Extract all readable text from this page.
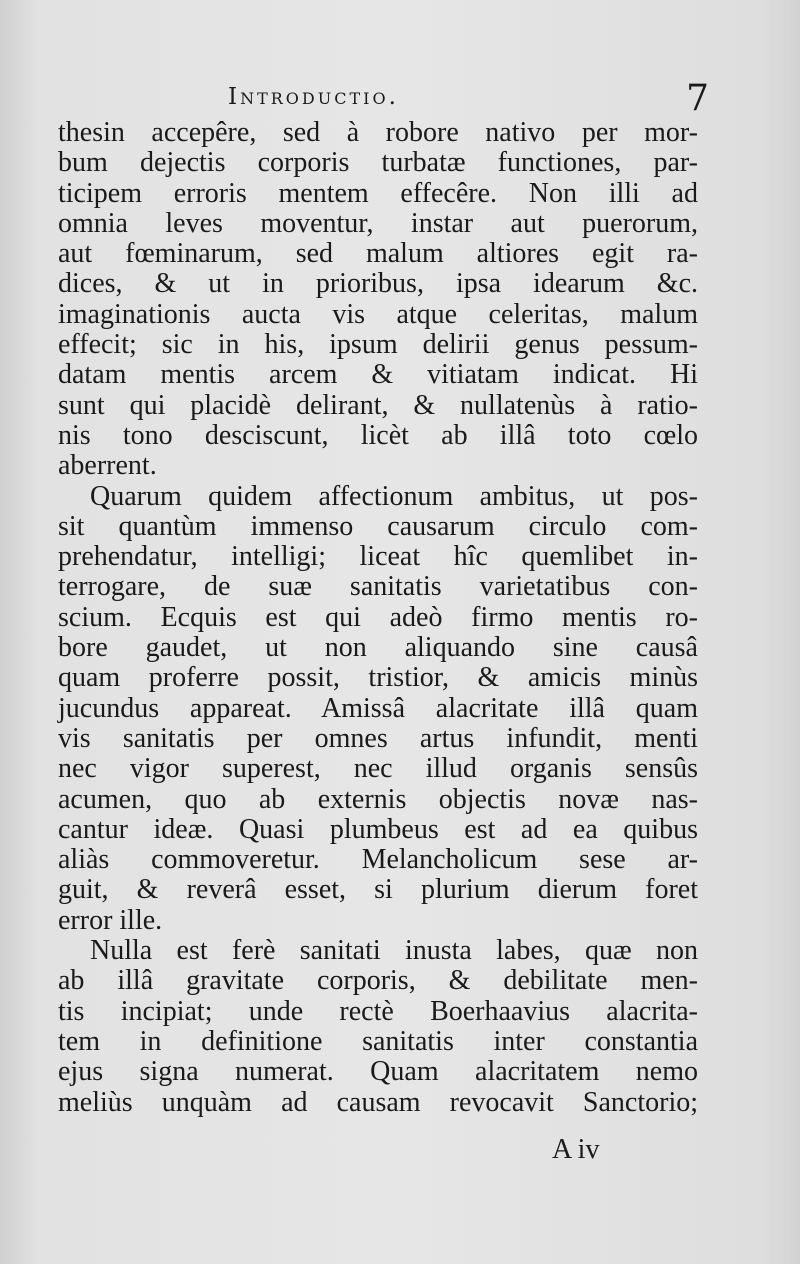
Introductio.	7
thesin accepêre, sed à robore nativo per mor-
bum dejectis corporis turbatæ functiones, par-
ticipem erroris mentem effecêre. Non illi ad
omnia leves moventur, instar aut puerorum,
aut fœminarum, sed malum altiores egit ra-
dices, & ut in prioribus, ipsa idearum &c.
imaginationis aucta vis atque celeritas, malum
effecit; sic in his, ipsum delirii genus pessum-
datam mentis arcem & vitiatam indicat. Hi
sunt qui placidè delirant, & nullatenùs à ratio-
nis tono desciscunt, licèt ab illâ toto cœlo
aberrent.
Quarum quidem affectionum ambitus, ut pos-
sit quantùm immenso causarum circulo com-
prehendatur, intelligi; liceat hîc quemlibet in-
terrogare, de suæ sanitatis varietatibus con-
scium. Ecquis est qui adeò firmo mentis ro-
bore gaudet, ut non aliquando sine causâ
quam proferre possit, tristior, & amicis minùs
jucundus appareat. Amissâ alacritate illâ quam
vis sanitatis per omnes artus infundit, menti
nec vigor superest, nec illud organis sensûs
acumen, quo ab externis objectis novæ nas-
cantur ideæ. Quasi plumbeus est ad ea quibus
aliàs commoveretur. Melancholicum sese ar-
guit, & reverâ esset, si plurium dierum foret
error ille.
Nulla est ferè sanitati inusta labes, quæ non
ab illâ gravitate corporis, & debilitate men-
tis incipiat; unde rectè Boerhaavius alacrita-
tem in definitione sanitatis inter constantia
ejus signa numerat. Quam alacritatem nemo
meliùs unquàm ad causam revocavit Sanctorio;
A iv
